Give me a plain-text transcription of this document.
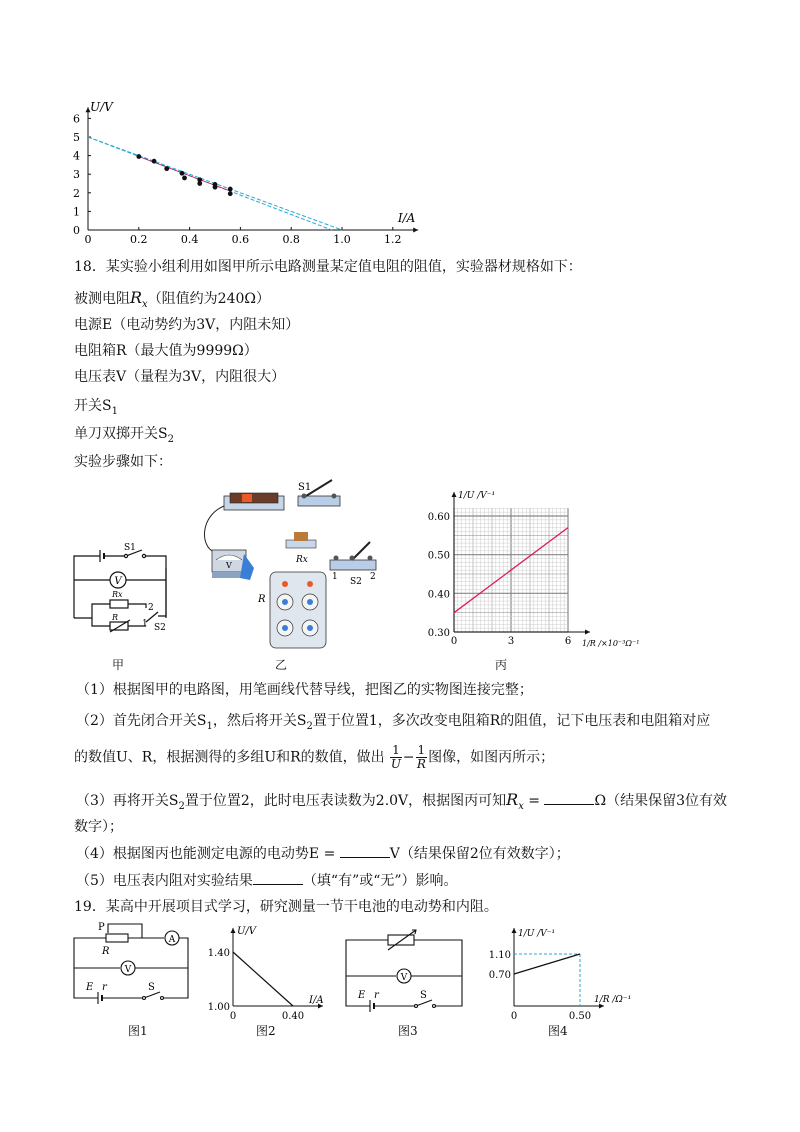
0	0.2	0.4	0.6	0.8	1.0	1.2
0
1
2
3
4
5
6
U/V
I/A
18．某实验小组利用如图甲所示电路测量某定值电阻的阻值，实验器材规格如下：
被测电阻$R_x$（阻值约为240Ω）
电源E（电动势约为3V，内阻未知）
电阻箱R（最大值为9999Ω）
电压表V（量程为3V，内阻很大）
开关$S_1$
单刀双掷开关$S_2$
实验步骤如下：
V
S1
Rx
R
2
1 S2
甲
S1
V
Rx
1 S2 2
R
乙
0.30
0.40
0.50
0.60
0	3	6
1/U /V⁻¹
1/R /×10⁻³Ω⁻¹
丙
（1）根据图甲的电路图，用笔画线代替导线，把图乙的实物图连接完整；
（2）首先闭合开关$S_1$，然后将开关$S_2$置于位置1，多次改变电阻箱R的阻值，记下电压表和电阻箱对应
的数值U、R，根据测得的多组U和R的数值，做出 $\frac{1}{U} - \frac{1}{R}$ 图像，如图丙所示；
（3）再将开关$S_2$置于位置2，此时电压表读数为2.0V，根据图丙可知$R_x$ =	Ω（结果保留3位有效
数字）；
（4）根据图丙也能测定电源的电动势E =	V（结果保留2位有效数字）；
（5）电压表内阻对实验结果	（填“有”或“无”）影响。
19．某高中开展项目式学习，研究测量一节干电池的电动势和内阻。
P
R
A
V
E r	S
图1
1.40
1.00
0	0.40
U/V
I/A
图2
V
E r	S
图3
1.10
0.70
0	0.50
1/U /V⁻¹
1/R /Ω⁻¹
图4
